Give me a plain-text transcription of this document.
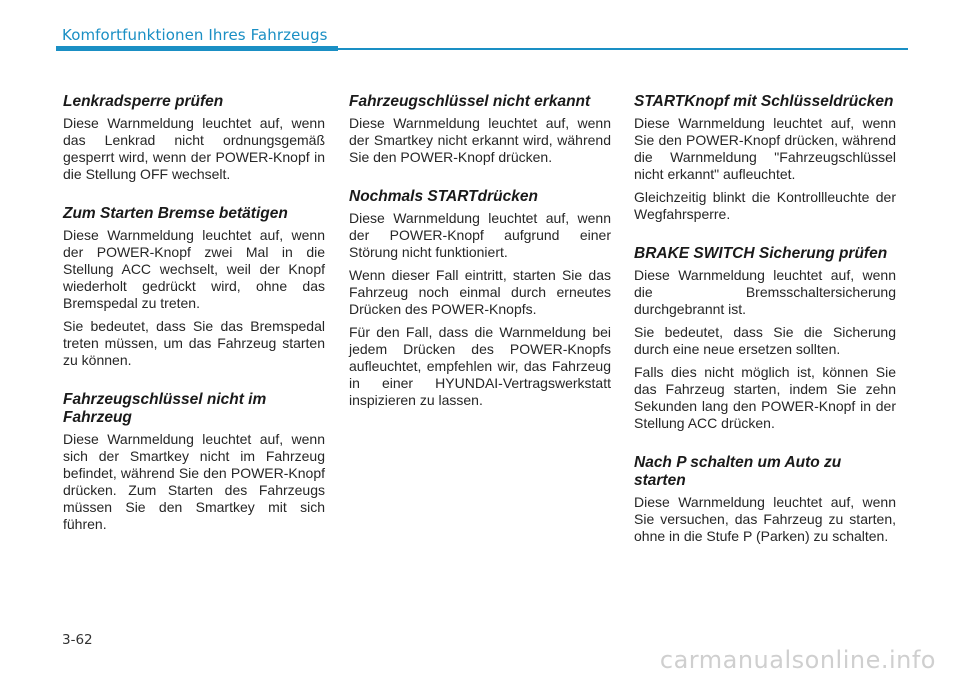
Komfortfunktionen Ihres Fahrzeugs
Lenkradsperre prüfen
Diese Warnmeldung leuchtet auf, wenn das Lenkrad nicht ordnungsgemäß gesperrt wird, wenn der POWER-Knopf in die Stellung OFF wechselt.
Zum Starten Bremse betätigen
Diese Warnmeldung leuchtet auf, wenn der POWER-Knopf zwei Mal in die Stellung ACC wechselt, weil der Knopf wiederholt gedrückt wird, ohne das Bremspedal zu treten.
Sie bedeutet, dass Sie das Bremspedal treten müssen, um das Fahrzeug starten zu können.
Fahrzeugschlüssel nicht im Fahrzeug
Diese Warnmeldung leuchtet auf, wenn sich der Smartkey nicht im Fahrzeug befindet, während Sie den POWER-Knopf drücken. Zum Starten des Fahrzeugs müssen Sie den Smartkey mit sich führen.
Fahrzeugschlüssel nicht erkannt
Diese Warnmeldung leuchtet auf, wenn der Smartkey nicht erkannt wird, während Sie den POWER-Knopf drücken.
Nochmals STARTdrücken
Diese Warnmeldung leuchtet auf, wenn der POWER-Knopf aufgrund einer Störung nicht funktioniert.
Wenn dieser Fall eintritt, starten Sie das Fahrzeug noch einmal durch erneutes Drücken des POWER-Knopfs.
Für den Fall, dass die Warnmeldung bei jedem Drücken des POWER-Knopfs aufleuchtet, empfehlen wir, das Fahrzeug in einer HYUNDAI-Vertragswerkstatt inspizieren zu lassen.
STARTKnopf mit Schlüsseldrücken
Diese Warnmeldung leuchtet auf, wenn Sie den POWER-Knopf drücken, während die Warnmeldung "Fahrzeugschlüssel nicht erkannt" aufleuchtet.
Gleichzeitig blinkt die Kontrollleuchte der Wegfahrsperre.
BRAKE SWITCH Sicherung prüfen
Diese Warnmeldung leuchtet auf, wenn die Bremsschaltersicherung durchgebrannt ist.
Sie bedeutet, dass Sie die Sicherung durch eine neue ersetzen sollten.
Falls dies nicht möglich ist, können Sie das Fahrzeug starten, indem Sie zehn Sekunden lang den POWER-Knopf in der Stellung ACC drücken.
Nach P schalten um Auto zu starten
Diese Warnmeldung leuchtet auf, wenn Sie versuchen, das Fahrzeug zu starten, ohne in die Stufe P (Parken) zu schalten.
3-62
carmanualsonline.info
